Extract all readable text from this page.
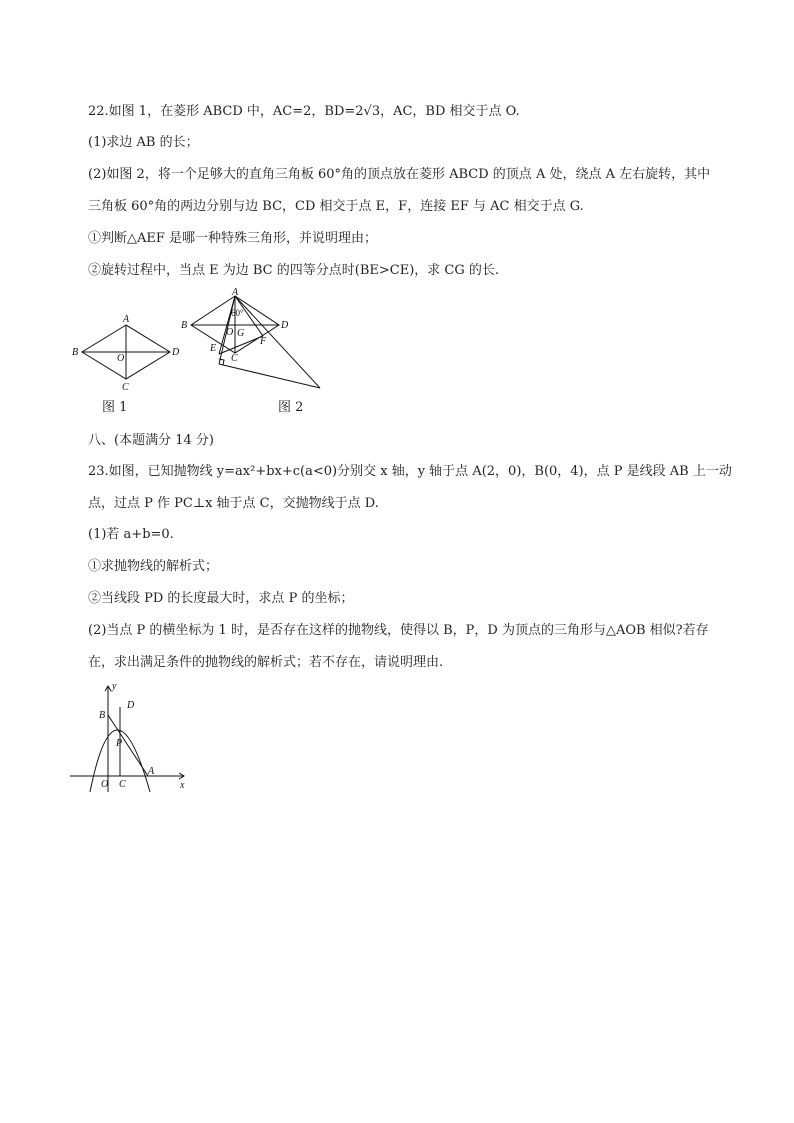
22.如图 1，在菱形 ABCD 中，AC=2，BD=2√3，AC，BD 相交于点 O.
(1)求边 AB 的长；
(2)如图 2，将一个足够大的直角三角板 60°角的顶点放在菱形 ABCD 的顶点 A 处，绕点 A 左右旋转，其中
三角板 60°角的两边分别与边 BC，CD 相交于点 E，F，连接 EF 与 AC 相交于点 G.
①判断△AEF 是哪一种特殊三角形，并说明理由；
②旋转过程中，当点 E 为边 BC 的四等分点时(BE>CE)，求 CG 的长.
A
B
O
D
C
图 1
A
60°
B	D
O G
F
E
C
图 2
八、(本题满分 14 分)
23.如图，已知抛物线 y=ax²+bx+c(a<0)分别交 x 轴，y 轴于点 A(2，0)，B(0，4)，点 P 是线段 AB 上一动
点，过点 P 作 PC⊥x 轴于点 C，交抛物线于点 D.
(1)若 a+b=0.
①求抛物线的解析式；
②当线段 PD 的长度最大时，求点 P 的坐标；
(2)当点 P 的横坐标为 1 时，是否存在这样的抛物线，使得以 B，P，D 为顶点的三角形与△AOB 相似?若存
在，求出满足条件的抛物线的解析式；若不存在，请说明理由.
y
x
B
D
P
A
O C
